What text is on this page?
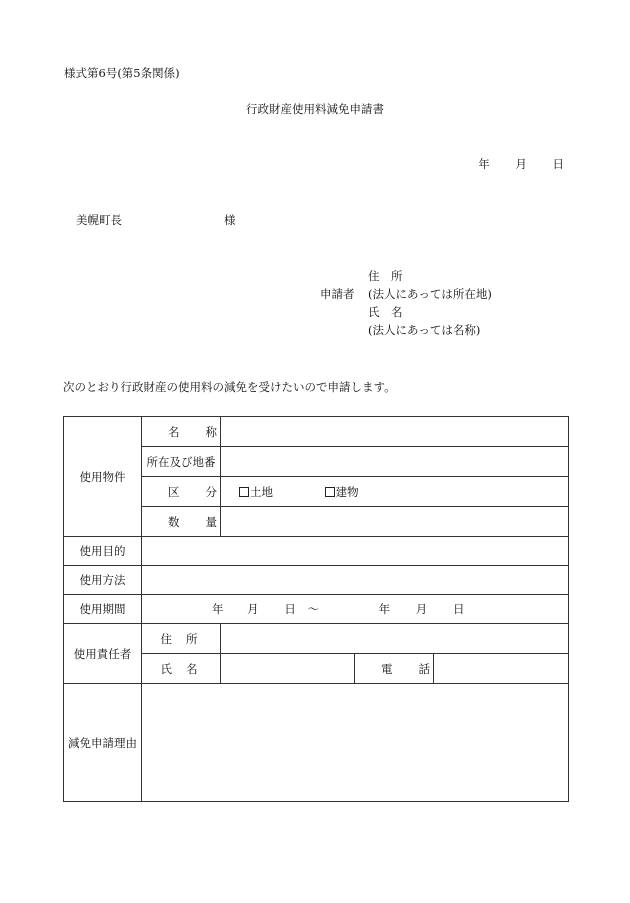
様式第6号(第5条関係)
行政財産使用料減免申請書
年 月 日
美幌町長	様
住　所
申請者	(法人にあっては所在地)
氏　名
(法人にあっては名称)
次のとおり行政財産の使用料の減免を受けたいので申請します。
使用物件	名称			
	所在及び地番			
	区分	土地 建物		
	数量			
使用目的				
使用方法				
使用期間	年 月 日 ～ 年 月 日			
使用責任者	住所			
	氏名		電話	
減免申請理由				
